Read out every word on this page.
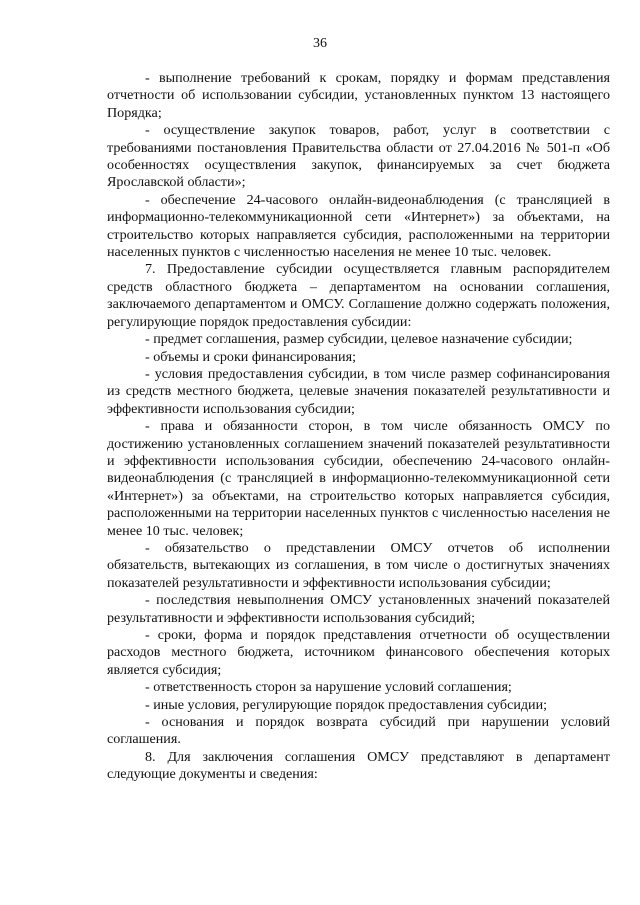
36

- выполнение требований к срокам, порядку и формам представления отчетности об использовании субсидии, установленных пунктом 13 настоящего Порядка;

- осуществление закупок товаров, работ, услуг в соответствии с требованиями постановления Правительства области от 27.04.2016 № 501-п «Об особенностях осуществления закупок, финансируемых за счет бюджета Ярославской области»;

- обеспечение 24-часового онлайн-видеонаблюдения (с трансляцией в информационно-телекоммуникационной сети «Интернет») за объектами, на строительство которых направляется субсидия, расположенными на территории населенных пунктов с численностью населения не менее 10 тыс. человек.

7. Предоставление субсидии осуществляется главным распорядителем средств областного бюджета – департаментом на основании соглашения, заключаемого департаментом и ОМСУ. Соглашение должно содержать положения, регулирующие порядок предоставления субсидии:

- предмет соглашения, размер субсидии, целевое назначение субсидии;

- объемы и сроки финансирования;

- условия предоставления субсидии, в том числе размер софинансирования из средств местного бюджета, целевые значения показателей результативности и эффективности использования субсидии;

- права и обязанности сторон, в том числе обязанность ОМСУ по достижению установленных соглашением значений показателей результативности и эффективности использования субсидии, обеспечению 24-часового онлайн-видеонаблюдения (с трансляцией в информационно-телекоммуникационной сети «Интернет») за объектами, на строительство которых направляется субсидия, расположенными на территории населенных пунктов с численностью населения не менее 10 тыс. человек;

- обязательство о представлении ОМСУ отчетов об исполнении обязательств, вытекающих из соглашения, в том числе о достигнутых значениях показателей результативности и эффективности использования субсидии;

- последствия невыполнения ОМСУ установленных значений показателей результативности и эффективности использования субсидий;

- сроки, форма и порядок представления отчетности об осуществлении расходов местного бюджета, источником финансового обеспечения которых является субсидия;

- ответственность сторон за нарушение условий соглашения;

- иные условия, регулирующие порядок предоставления субсидии;

- основания и порядок возврата субсидий при нарушении условий соглашения.

8. Для заключения соглашения ОМСУ представляют в департамент следующие документы и сведения:
